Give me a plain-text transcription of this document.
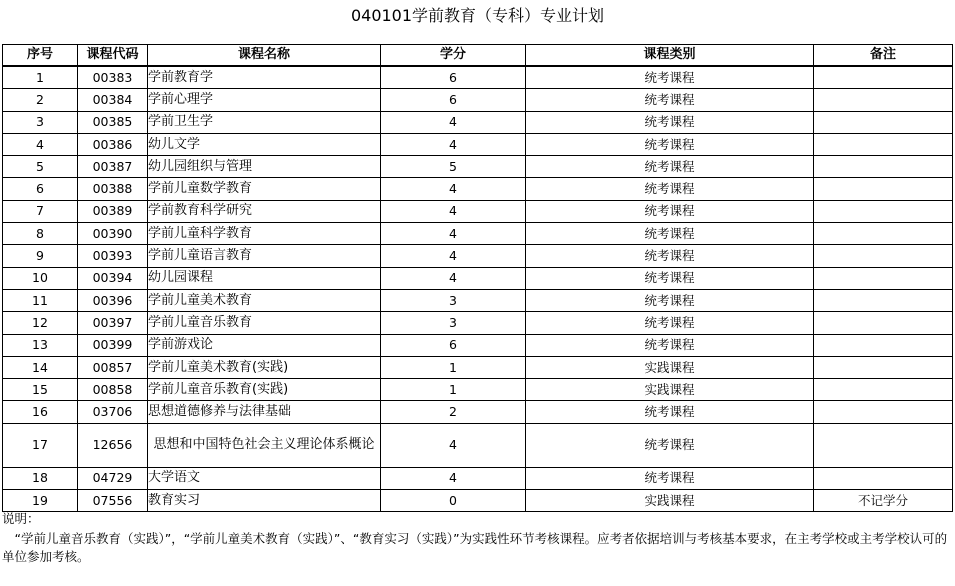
040101学前教育（专科）专业计划
序号	课程代码	课程名称	学分	课程类别	备注
1	00383	学前教育学	6	统考课程	
2	00384	学前心理学	6	统考课程	
3	00385	学前卫生学	4	统考课程	
4	00386	幼儿文学	4	统考课程	
5	00387	幼儿园组织与管理	5	统考课程	
6	00388	学前儿童数学教育	4	统考课程	
7	00389	学前教育科学研究	4	统考课程	
8	00390	学前儿童科学教育	4	统考课程	
9	00393	学前儿童语言教育	4	统考课程	
10	00394	幼儿园课程	4	统考课程	
11	00396	学前儿童美术教育	3	统考课程	
12	00397	学前儿童音乐教育	3	统考课程	
13	00399	学前游戏论	6	统考课程	
14	00857	学前儿童美术教育(实践)	1	实践课程	
15	00858	学前儿童音乐教育(实践)	1	实践课程	
16	03706	思想道德修养与法律基础	2	统考课程	
17	12656	思想和中国特色社会主义理论体系概论	4	统考课程	
18	04729	大学语文	4	统考课程	
19	07556	教育实习	0	实践课程	不记学分

说明：

“学前儿童音乐教育（实践）”，“学前儿童美术教育（实践）”、“教育实习（实践）”为实践性环节考核课程。应考者依据培训与考核基本要求，在主考学校或主考学校认可的单位参加考核。
